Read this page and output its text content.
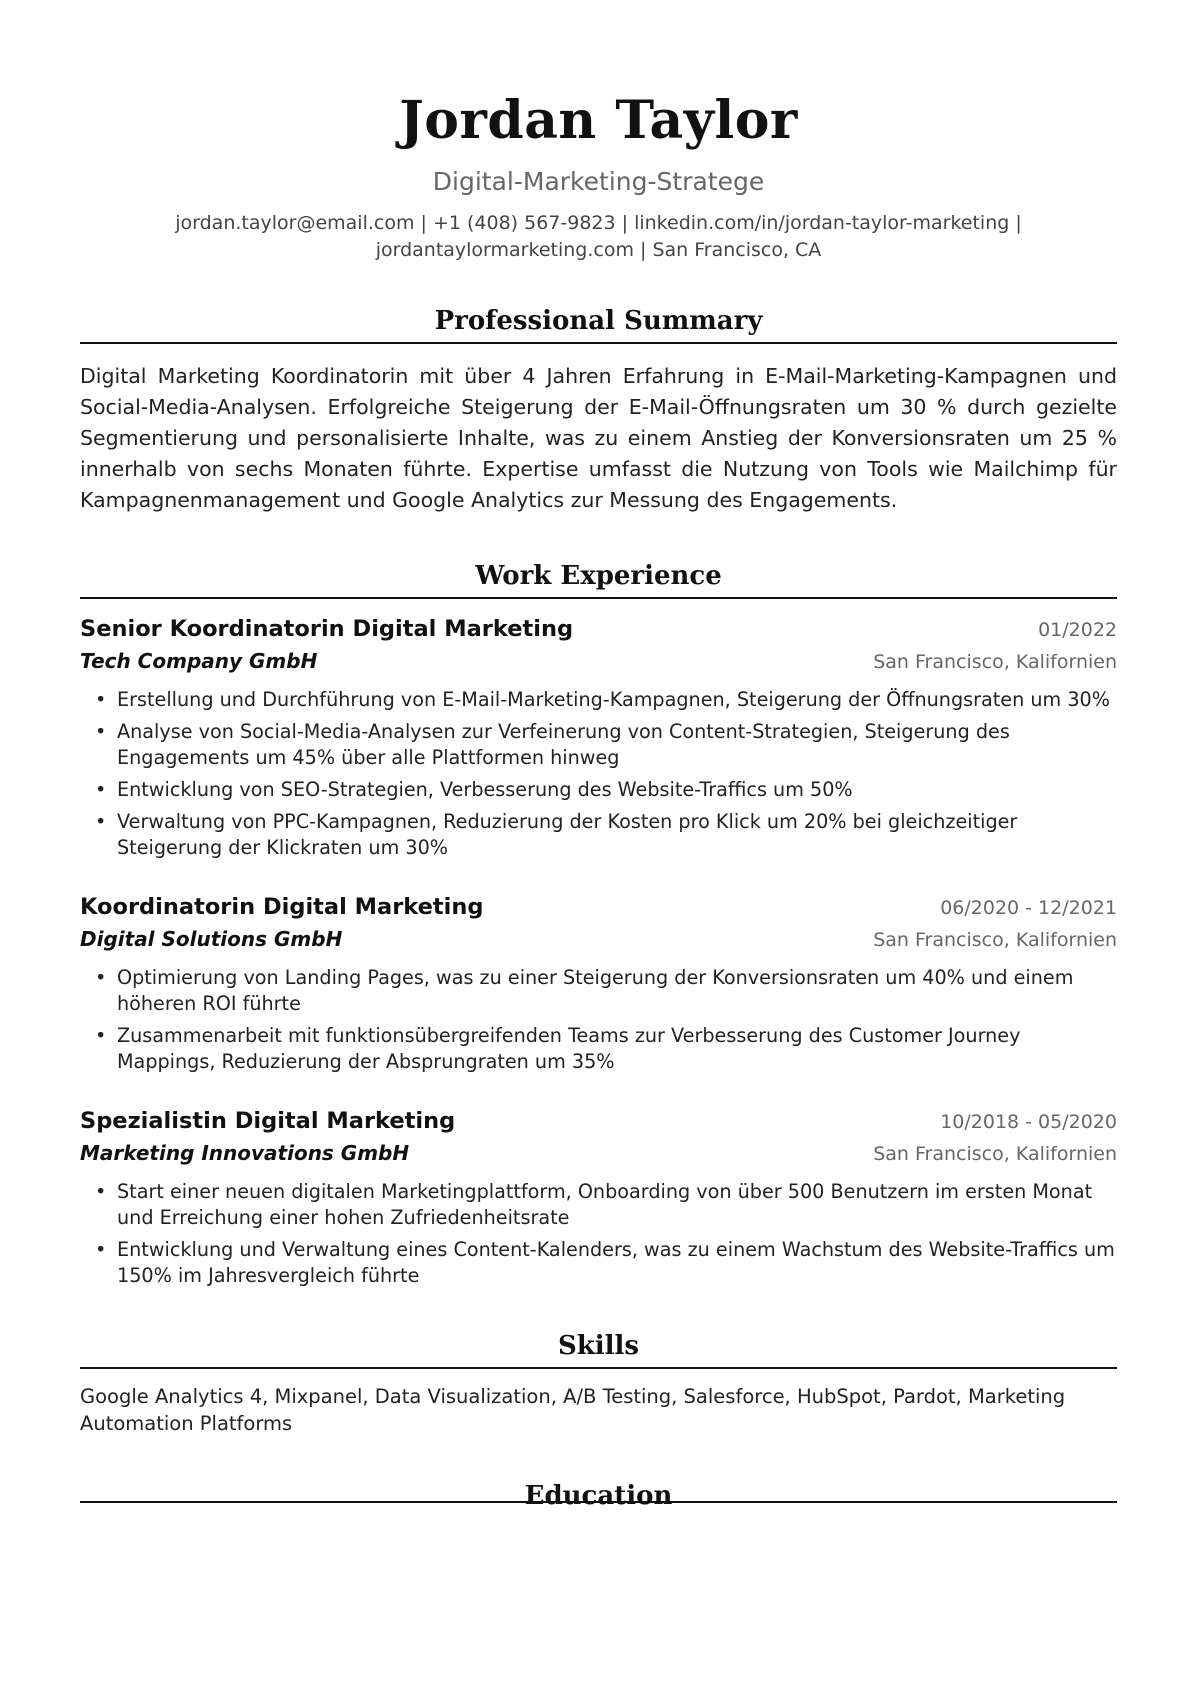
Jordan Taylor
Digital-Marketing-Stratege
jordan.taylor@email.com | +1 (408) 567-9823 | linkedin.com/in/jordan-taylor-marketing |
jordantaylormarketing.com | San Francisco, CA
Professional Summary
Digital Marketing Koordinatorin mit über 4 Jahren Erfahrung in E-Mail-Marketing-Kampagnen und Social-Media-Analysen. Erfolgreiche Steigerung der E-Mail-Öffnungsraten um 30 % durch gezielte Segmentierung und personalisierte Inhalte, was zu einem Anstieg der Konversionsraten um 25 % innerhalb von sechs Monaten führte. Expertise umfasst die Nutzung von Tools wie Mailchimp für Kampagnenmanagement und Google Analytics zur Messung des Engagements.
Work Experience
Senior Koordinatorin Digital Marketing	01/2022
Tech Company GmbH	San Francisco, Kalifornien
• Erstellung und Durchführung von E-Mail-Marketing-Kampagnen, Steigerung der Öffnungsraten um 30%
• Analyse von Social-Media-Analysen zur Verfeinerung von Content-Strategien, Steigerung des Engagements um 45% über alle Plattformen hinweg
• Entwicklung von SEO-Strategien, Verbesserung des Website-Traffics um 50%
• Verwaltung von PPC-Kampagnen, Reduzierung der Kosten pro Klick um 20% bei gleichzeitiger Steigerung der Klickraten um 30%
Koordinatorin Digital Marketing	06/2020 - 12/2021
Digital Solutions GmbH	San Francisco, Kalifornien
• Optimierung von Landing Pages, was zu einer Steigerung der Konversionsraten um 40% und einem höheren ROI führte
• Zusammenarbeit mit funktionsübergreifenden Teams zur Verbesserung des Customer Journey Mappings, Reduzierung der Absprungraten um 35%
Spezialistin Digital Marketing	10/2018 - 05/2020
Marketing Innovations GmbH	San Francisco, Kalifornien
• Start einer neuen digitalen Marketingplattform, Onboarding von über 500 Benutzern im ersten Monat und Erreichung einer hohen Zufriedenheitsrate
• Entwicklung und Verwaltung eines Content-Kalenders, was zu einem Wachstum des Website-Traffics um 150% im Jahresvergleich führte
Skills
Google Analytics 4, Mixpanel, Data Visualization, A/B Testing, Salesforce, HubSpot, Pardot, Marketing Automation Platforms
Education
